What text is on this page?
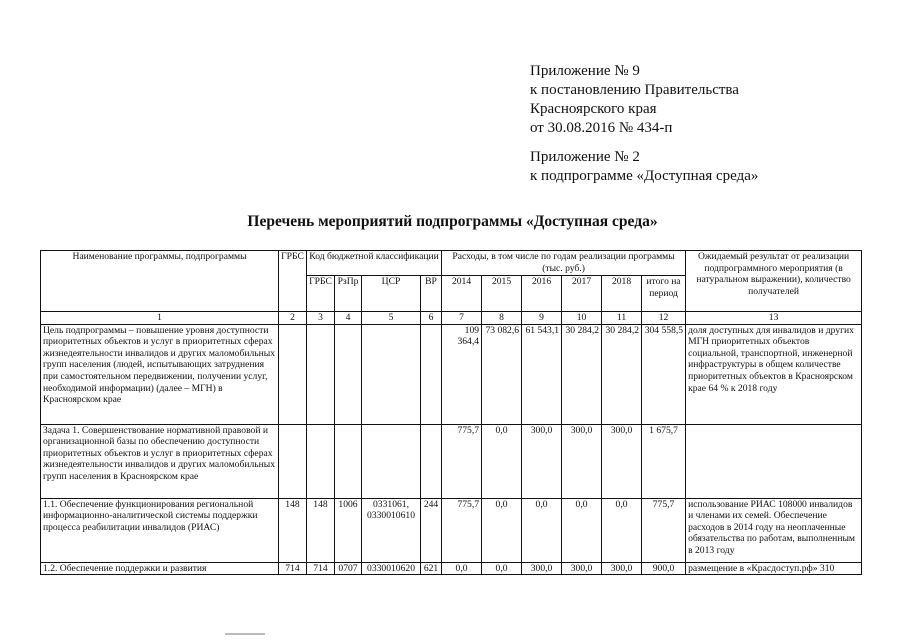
Приложение № 9
к постановлению Правительства
Красноярского края
от 30.08.2016 № 434-п
Приложение № 2
к подпрограмме «Доступная среда»
Перечень мероприятий подпрограммы «Доступная среда»
Наименование программы, подпрограммы	ГРБС	Код бюджетной классификации				Расходы, в том числе по годам реализации программы (тыс. руб.)						Ожидаемый результат от реализации подпрограммного мероприятия (в натуральном выражении), количество получателей
		ГРБС	РзПр	ЦСР	ВР	2014	2015	2016	2017	2018	итого на период	
1	2	3	4	5	6	7	8	9	10	11	12	13
Цель подпрограммы – повышение уровня доступности приоритетных объектов и услуг в приоритетных сферах жизнедеятельности инвалидов и других маломобильных групп населения (людей, испытывающих затруднения при самостоятельном передвижении, получении услуг, необходимой информации) (далее – МГН) в Красноярском крае						109 364,4	73 082,6	61 543,1	30 284,2	30 284,2	304 558,5	доля доступных для инвалидов и других МГН приоритетных объектов социальной, транспортной, инженерной инфраструктуры в общем количестве приоритетных объектов в Красноярском крае 64 % к 2018 году
Задача 1. Совершенствование нормативной правовой и организационной базы по обеспечению доступности приоритетных объектов и услуг в приоритетных сферах жизнедеятельности инвалидов и других маломобильных групп населения в Красноярском крае						775,7	0,0	300,0	300,0	300,0	1 675,7	
1.1. Обеспечение функционирования региональной информационно-аналитической системы поддержки процесса реабилитации инвалидов (РИАС)	148	148	1006	0331061, 0330010610	244	775,7	0,0	0,0	0,0	0,0	775,7	использование РИАС 108000 инвалидов и членами их семей. Обеспечение расходов в 2014 году на неоплаченные обязательства по работам, выполненным в 2013 году
1.2. Обеспечение поддержки и развития	714	714	0707	0330010620	621	0,0	0,0	300,0	300,0	300,0	900,0	размещение в «Красдоступ.рф» 310
